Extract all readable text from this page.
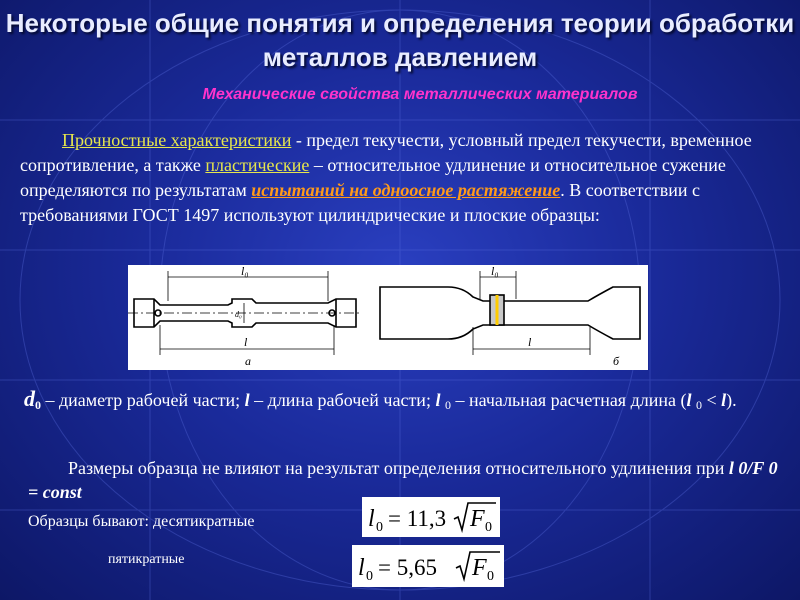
Некоторые общие понятия и определения теории обработки металлов давлением
Механические свойства металлических материалов
Прочностные характеристики - предел текучести, условный предел текучести, временное сопротивление, а также пластические – относительное удлинение и относительное сужение определяются по результатам испытаний на одноосное растяжение. В соответствии с требованиями ГОСТ 1497 используют цилиндрические и плоские образцы:
l₀
l
d₀
а
l₀
l
б
d0 – диаметр рабочей части; l – длина рабочей части; l 0 – начальная расчетная длина (l 0 < l).
Размеры образца не влияют на результат определения относительного удлинения при l 0/F 0 = const
Образцы бывают: десятикратные
пятикратные
l 0 = 11,3 F 0
l 0 = 5,65 F 0
